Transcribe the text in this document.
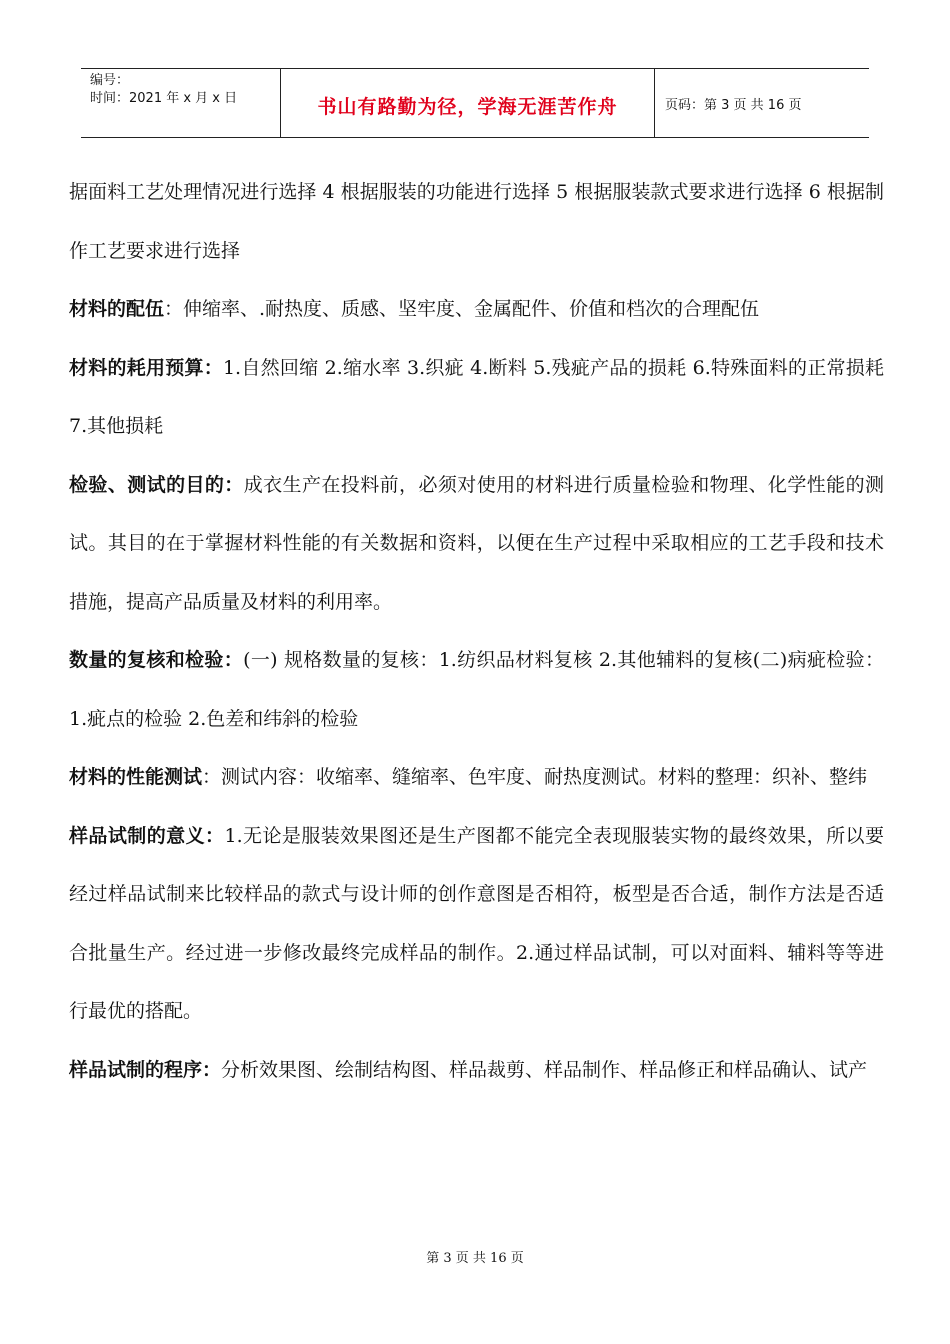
编号：
时间：2021 年 x 月 x 日	书山有路勤为径，学海无涯苦作舟	页码：第 3 页 共 16 页

据面料工艺处理情况进行选择 4 根据服装的功能进行选择 5 根据服装款式要求进行选择 6 根据制作工艺要求进行选择

材料的配伍：伸缩率、.耐热度、质感、坚牢度、金属配件、价值和档次的合理配伍

材料的耗用预算：1.自然回缩 2.缩水率 3.织疵 4.断料 5.残疵产品的损耗 6.特殊面料的正常损耗 7.其他损耗

检验、测试的目的：成衣生产在投料前，必须对使用的材料进行质量检验和物理、化学性能的测试。其目的在于掌握材料性能的有关数据和资料，以便在生产过程中采取相应的工艺手段和技术措施，提高产品质量及材料的利用率。

数量的复核和检验：(一) 规格数量的复核：1.纺织品材料复核 2.其他辅料的复核(二)病疵检验：1.疵点的检验 2.色差和纬斜的检验

材料的性能测试：测试内容：收缩率、缝缩率、色牢度、耐热度测试。材料的整理：织补、整纬

样品试制的意义：1.无论是服装效果图还是生产图都不能完全表现服装实物的最终效果，所以要经过样品试制来比较样品的款式与设计师的创作意图是否相符，板型是否合适，制作方法是否适合批量生产。经过进一步修改最终完成样品的制作。2.通过样品试制，可以对面料、辅料等等进行最优的搭配。

样品试制的程序：分析效果图、绘制结构图、样品裁剪、样品制作、样品修正和样品确认、试产

第 3 页 共 16 页
